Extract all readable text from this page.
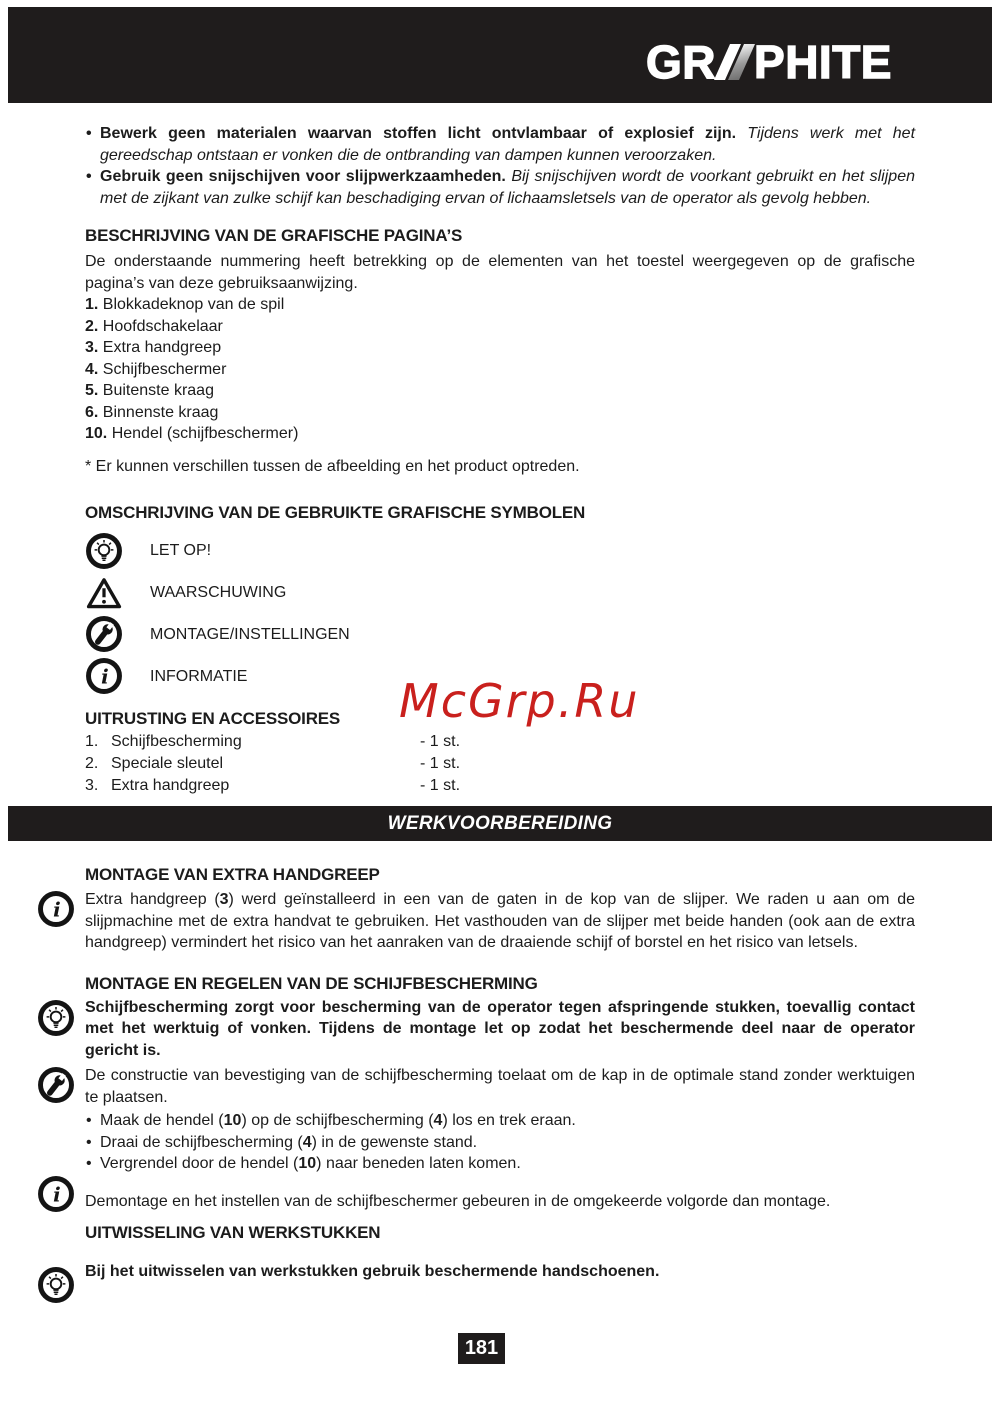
GR PHITE
• Bewerk geen materialen waarvan stoffen licht ontvlambaar of explosief zijn. Tijdens werk met het gereedschap ontstaan er vonken die de ontbranding van dampen kunnen veroorzaken.
• Gebruik geen snijschijven voor slijpwerkzaamheden. Bij snijschijven wordt de voorkant gebruikt en het slijpen met de zijkant van zulke schijf kan beschadiging ervan of lichaamsletsels van de operator als gevolg hebben.
BESCHRIJVING VAN DE GRAFISCHE PAGINA’S
De onderstaande nummering heeft betrekking op de elementen van het toestel weergegeven op de grafische pagina’s van deze gebruiksaanwijzing.
1. Blokkadeknop van de spil
2. Hoofdschakelaar
3. Extra handgreep
4. Schijfbeschermer
5. Buitenste kraag
6. Binnenste kraag
10. Hendel (schijfbeschermer)
* Er kunnen verschillen tussen de afbeelding en het product optreden.
OMSCHRIJVING VAN DE GEBRUIKTE GRAFISCHE SYMBOLEN
LET OP!
WAARSCHUWING
MONTAGE/INSTELLINGEN
INFORMATIE
UITRUSTING EN ACCESSOIRES
1. Schijfbescherming	- 1 st.
2. Speciale sleutel	- 1 st.
3. Extra handgreep	- 1 st.
WERKVOORBEREIDING
MONTAGE VAN EXTRA HANDGREEP
Extra handgreep (3) werd geïnstalleerd in een van de gaten in de kop van de slijper. We raden u aan om de slijpmachine met de extra handvat te gebruiken. Het vasthouden van de slijper met beide handen (ook aan de extra handgreep) vermindert het risico van het aanraken van de draaiende schijf of borstel en het risico van letsels.
MONTAGE EN REGELEN VAN DE SCHIJFBESCHERMING
Schijfbescherming zorgt voor bescherming van de operator tegen afspringende stukken, toevallig contact met het werktuig of vonken. Tijdens de montage let op zodat het beschermende deel naar de operator gericht is.
De constructie van bevestiging van de schijfbescherming toelaat om de kap in de optimale stand zonder werktuigen te plaatsen.
• Maak de hendel (10) op de schijfbescherming (4) los en trek eraan.
• Draai de schijfbescherming (4) in de gewenste stand.
• Vergrendel door de hendel (10) naar beneden laten komen.
Demontage en het instellen van de schijfbeschermer gebeuren in de omgekeerde volgorde dan montage.
UITWISSELING VAN WERKSTUKKEN
Bij het uitwisselen van werkstukken gebruik beschermende handschoenen.
McGrp.Ru
181
